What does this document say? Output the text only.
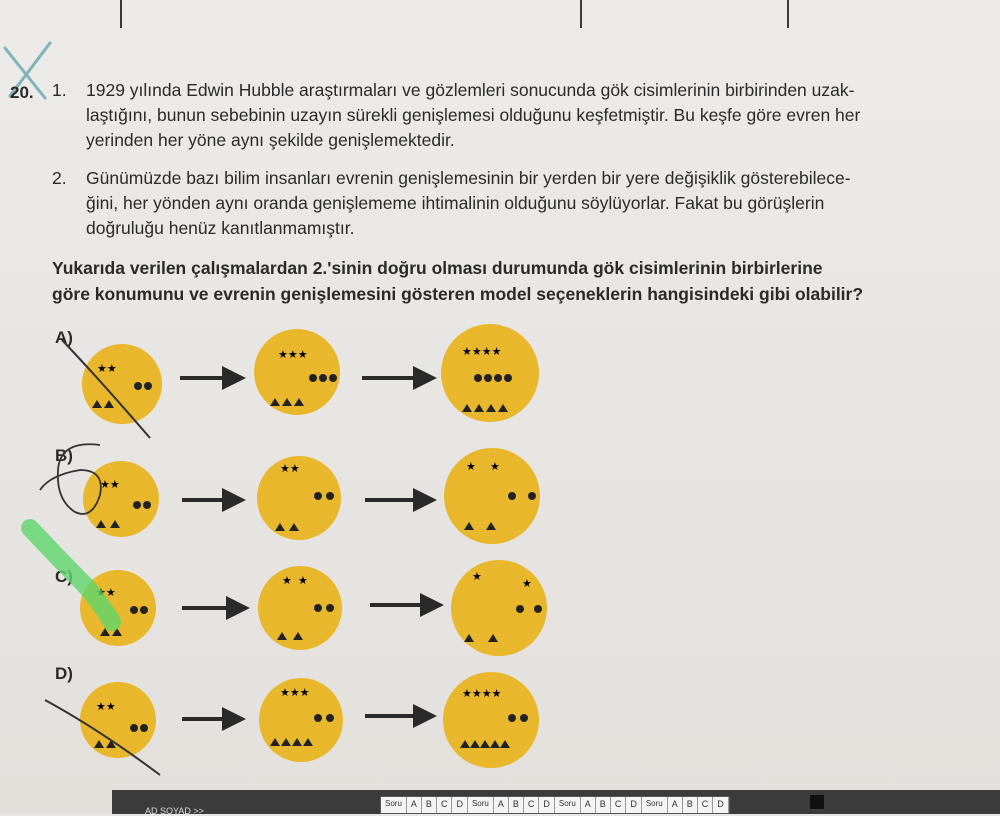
20. 1.	1929 yılında Edwin Hubble araştırmaları ve gözlemleri sonucunda gök cisimlerinin birbirinden uzak-
laştığını, bunun sebebinin uzayın sürekli genişlemesi olduğunu keşfetmiştir. Bu keşfe göre evren her
yerinden her yöne aynı şekilde genişlemektedir.
2.	Günümüzde bazı bilim insanları evrenin genişlemesinin bir yerden bir yere değişiklik gösterebilece-
ğini, her yönden aynı oranda genişlememe ihtimalinin olduğunu söylüyorlar. Fakat bu görüşlerin
doğruluğu henüz kanıtlanmamıştır.
Yukarıda verilen çalışmalardan 2.'sinin doğru olması durumunda gök cisimlerinin birbirlerine
göre konumunu ve evrenin genişlemesini gösteren model seçeneklerin hangisindeki gibi olabilir?
A)
B)
C)
D)
★★
★★★	★★★★
★★
★★	★ ★
★★
★ ★	★
★
★★
★★★	★★★★
AD SOYAD >>
Soru	A	B	C	D	Soru	A	B	C	D	Soru	A	B	C	D	Soru	A	B	C	D
